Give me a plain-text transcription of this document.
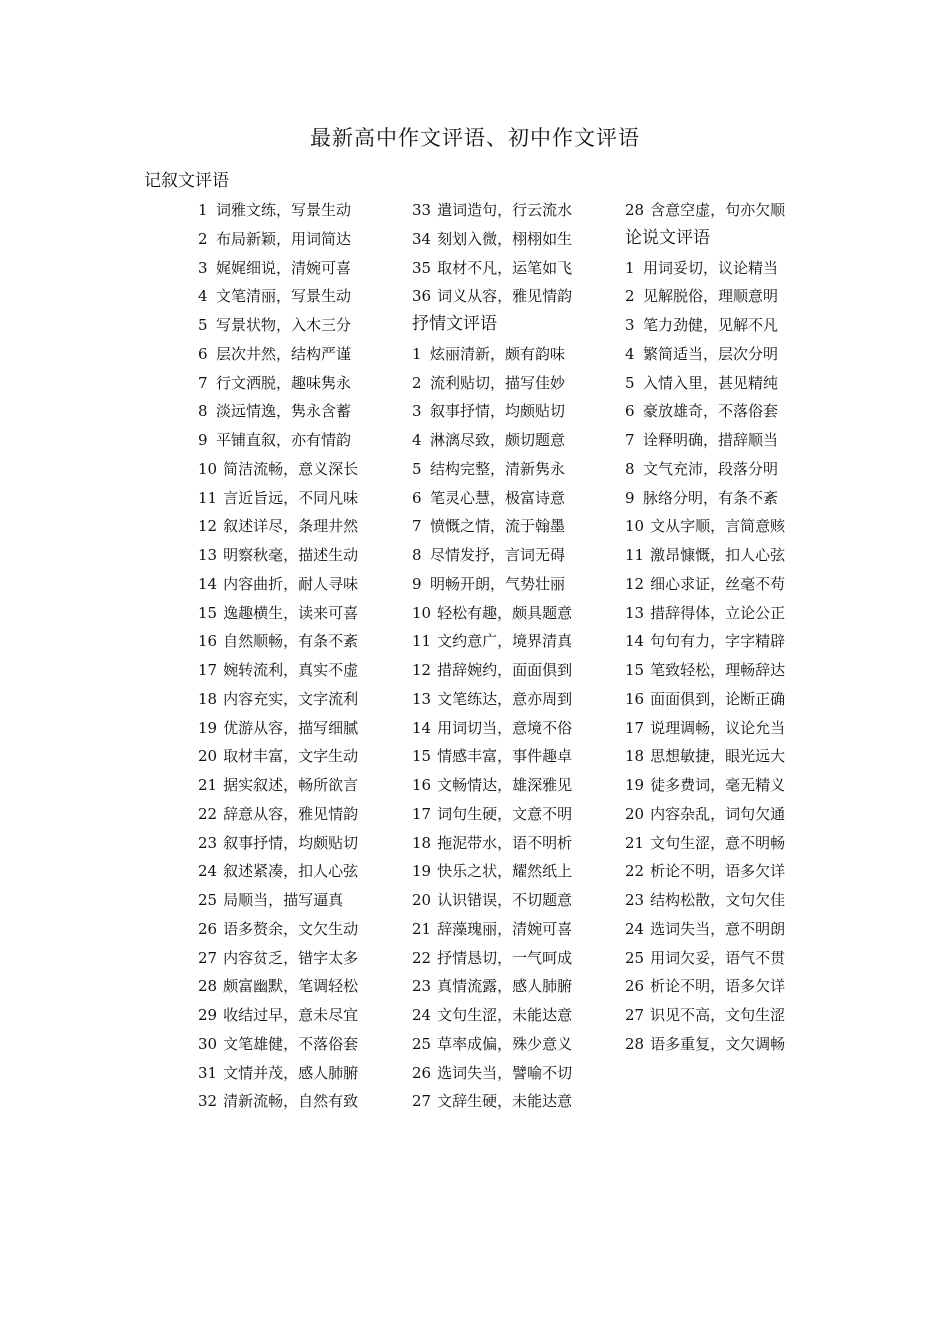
最新高中作文评语、初中作文评语
记叙文评语
1 词雅文练，写景生动
2 布局新颖，用词简达
3 娓娓细说，清婉可喜
4 文笔清丽，写景生动
5 写景状物，入木三分
6 层次井然，结构严谨
7 行文洒脱，趣味隽永
8 淡远情逸，隽永含蓄
9 平铺直叙，亦有情韵
10 简洁流畅，意义深长
11 言近旨远，不同凡味
12 叙述详尽，条理井然
13 明察秋毫，描述生动
14 内容曲折，耐人寻味
15 逸趣横生，读来可喜
16 自然顺畅，有条不紊
17 婉转流利，真实不虚
18 内容充实，文字流利
19 优游从容，描写细腻
20 取材丰富，文字生动
21 据实叙述，畅所欲言
22 辞意从容，雅见情韵
23 叙事抒情，均颇贴切
24 叙述紧凑，扣人心弦
25 局顺当，描写逼真
26 语多赘余，文欠生动
27 内容贫乏，错字太多
28 颇富幽默，笔调轻松
29 收结过早，意未尽宜
30 文笔雄健，不落俗套
31 文情并茂，感人肺腑
32 清新流畅，自然有致
33 遣词造句，行云流水
34 刻划入微，栩栩如生
35 取材不凡，运笔如飞
36 词义从容，雅见情韵
抒情文评语
1 炫丽清新，颇有韵味
2 流利贴切，描写佳妙
3 叙事抒情，均颇贴切
4 淋漓尽致，颇切题意
5 结构完整，清新隽永
6 笔灵心慧，极富诗意
7 愤慨之情，流于翰墨
8 尽情发抒，言词无碍
9 明畅开朗，气势壮丽
10 轻松有趣，颇具题意
11 文约意广，境界清真
12 措辞婉约，面面俱到
13 文笔练达，意亦周到
14 用词切当，意境不俗
15 情感丰富，事件趣卓
16 文畅情达，雄深雅见
17 词句生硬，文意不明
18 拖泥带水，语不明析
19 快乐之状，耀然纸上
20 认识错误，不切题意
21 辞藻瑰丽，清婉可喜
22 抒情恳切，一气呵成
23 真情流露，感人肺腑
24 文句生涩，未能达意
25 草率成偏，殊少意义
26 选词失当，譬喻不切
27 文辞生硬，未能达意
28 含意空虚，句亦欠顺
论说文评语
1 用词妥切，议论精当
2 见解脱俗，理顺意明
3 笔力劲健，见解不凡
4 繁简适当，层次分明
5 入情入里，甚见精纯
6 豪放雄奇，不落俗套
7 诠释明确，措辞顺当
8 文气充沛，段落分明
9 脉络分明，有条不紊
10 文从字顺，言简意赅
11 激昂慷慨，扣人心弦
12 细心求证，丝毫不苟
13 措辞得体，立论公正
14 句句有力，字字精辟
15 笔致轻松，理畅辞达
16 面面俱到，论断正确
17 说理调畅，议论允当
18 思想敏捷，眼光远大
19 徒多费词，毫无精义
20 内容杂乱，词句欠通
21 文句生涩，意不明畅
22 析论不明，语多欠详
23 结构松散，文句欠佳
24 选词失当，意不明朗
25 用词欠妥，语气不贯
26 析论不明，语多欠详
27 识见不高，文句生涩
28 语多重复，文欠调畅
